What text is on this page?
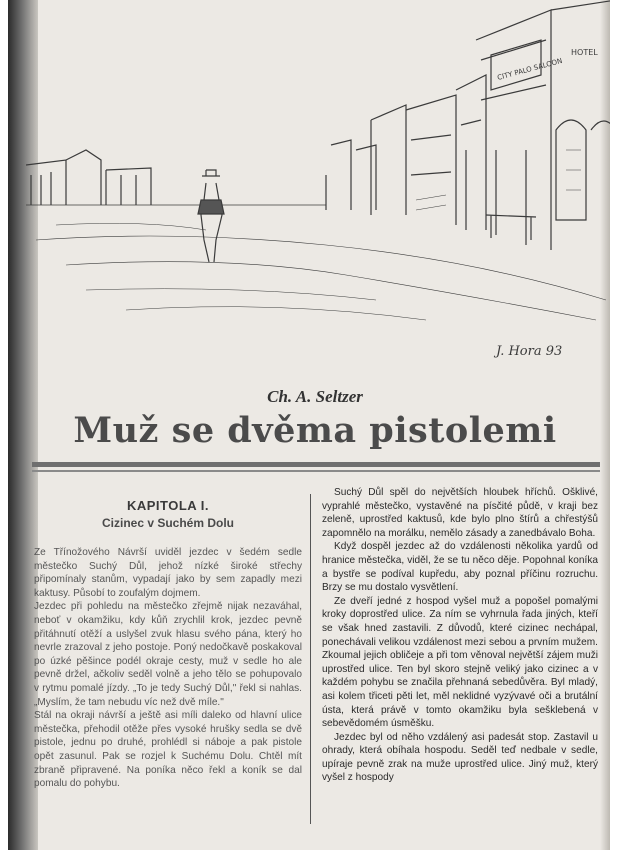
CITY PALO SALOON
HOTEL
J. Hora 93
Ch. A. Seltzer
Muž se dvěma pistolemi
KAPITOLA I.
Cizinec v Suchém Dolu

Ze Třínožového Návrší uviděl jezdec v šedém sedle městečko Suchý Důl, jehož nízké široké střechy připomínaly stanům, vypadají jako by sem zapadly mezi kaktusy. Působí to zoufalým dojmem.

Jezdec při pohledu na městečko zřejmě nijak nezaváhal, neboť v okamžiku, kdy kůň zrychlil krok, jezdec pevně přitáhnutí otěží a uslyšel zvuk hlasu svého pána, který ho nevrle zrazoval z jeho postoje. Poný nedočkavě poskakoval po úzké pěšince podél okraje cesty, muž v sedle ho ale pevně držel, ačkoliv seděl volně a jeho tělo se pohupovalo v rytmu pomalé jízdy. „To je tedy Suchý Důl," řekl si nahlas. „Myslím, že tam nebudu víc než dvě míle."

Stál na okraji návrší a ještě asi míli daleko od hlavní ulice městečka, přehodil otěže přes vysoké hrušky sedla se dvě pistole, jednu po druhé, prohlédl si náboje a pak pistole opět zasunul. Pak se rozjel k Suchému Dolu. Chtěl mít zbraně připravené. Na poníka něco řekl a koník se dal pomalu do pohybu.

Suchý Důl spěl do největších hloubek hříchů. Ošklivé, vyprahlé městečko, vystavěné na písčité půdě, v kraji bez zeleně, uprostřed kaktusů, kde bylo plno štírů a chřestýšů zapomnělo na morálku, nemělo zásady a zanedbávalo Boha.

Když dospěl jezdec až do vzdálenosti několika yardů od hranice městečka, viděl, že se tu něco děje. Popohnal koníka a bystře se podíval kupředu, aby poznal příčinu rozruchu. Brzy se mu dostalo vysvětlení.

Ze dveří jedné z hospod vyšel muž a popošel pomalými kroky doprostřed ulice. Za ním se vyhrnula řada jiných, kteří se však hned zastavili. Z důvodů, které cizinec nechápal, ponechávali velikou vzdálenost mezi sebou a prvním mužem. Zkoumal jejich obličeje a při tom věnoval největší zájem muži uprostřed ulice. Ten byl skoro stejně veliký jako cizinec a v každém pohybu se značila přehnaná sebedůvěra. Byl mladý, asi kolem třiceti pěti let, měl neklidné vyzývavé oči a brutální ústa, která právě v tomto okamžiku byla sešklebená v sebevědomém úsměšku.

Jezdec byl od něho vzdálený asi padesát stop. Zastavil u ohrady, která obíhala hospodu. Seděl teď nedbale v sedle, upíraje pevně zrak na muže uprostřed ulice. Jiný muž, který vyšel z hospody
